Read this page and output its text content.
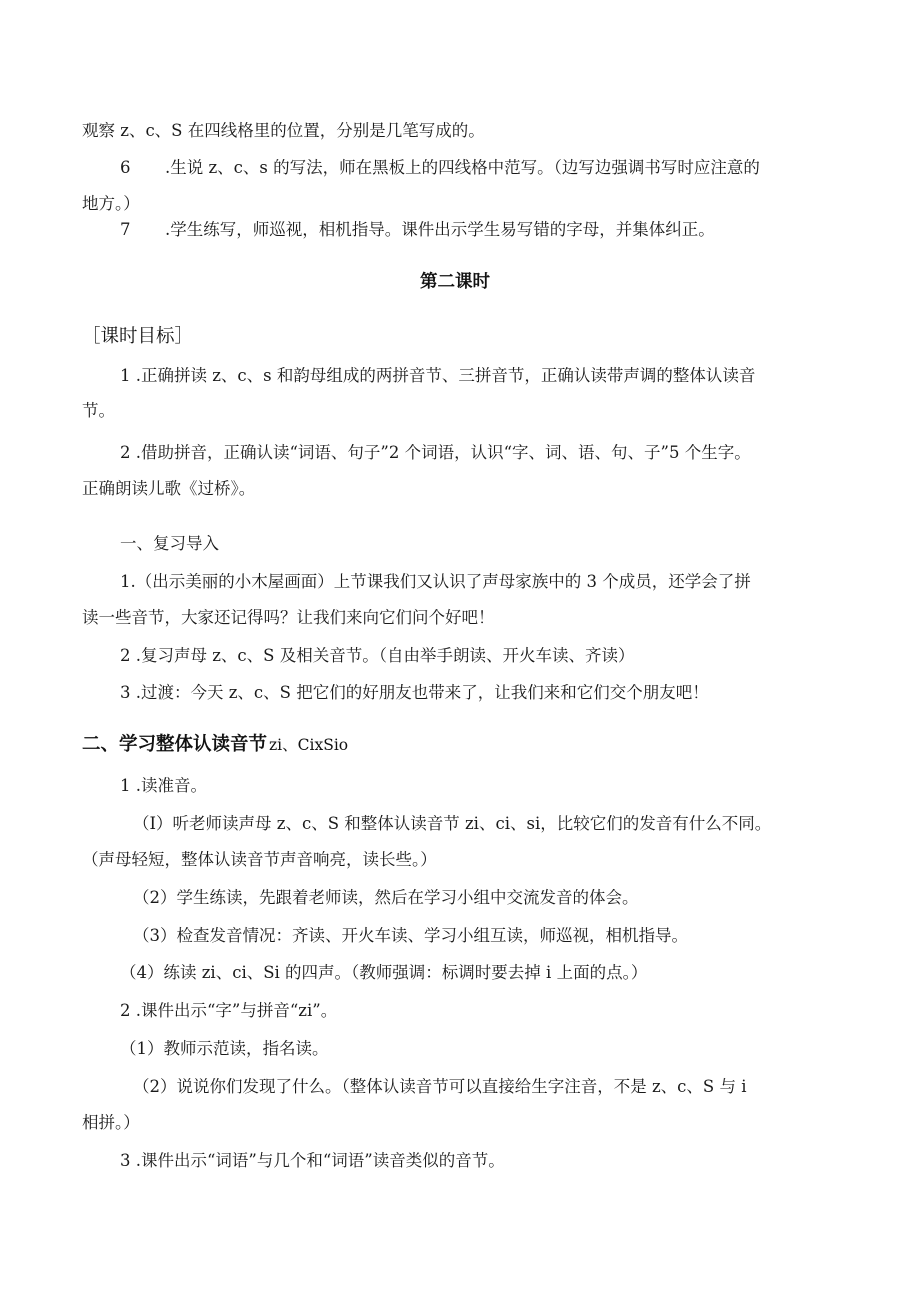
观察 z、c、S 在四线格里的位置，分别是几笔写成的。
6 .生说 z、c、s 的写法，师在黑板上的四线格中范写。（边写边强调书写时应注意的
地方。）
7 .学生练写，师巡视，相机指导。课件出示学生易写错的字母，并集体纠正。
第二课时
［课时目标］
1 .正确拼读 z、c、s 和韵母组成的两拼音节、三拼音节，正确认读带声调的整体认读音
节。
2 .借助拼音，正确认读“词语、句子”2 个词语，认识“字、词、语、句、子”5 个生字。
正确朗读儿歌《过桥》。
一、复习导入
1.（出示美丽的小木屋画面）上节课我们又认识了声母家族中的 3 个成员，还学会了拼
读一些音节，大家还记得吗？让我们来向它们问个好吧！
2 .复习声母 z、c、S 及相关音节。（自由举手朗读、开火车读、齐读）
3 .过渡：今天 z、c、S 把它们的好朋友也带来了，让我们来和它们交个朋友吧！
二、学习整体认读音节 zi、CixSio
1 .读准音。
（I）听老师读声母 z、c、S 和整体认读音节 zi、ci、si，比较它们的发音有什么不同。
（声母轻短，整体认读音节声音响亮，读长些。）
（2）学生练读，先跟着老师读，然后在学习小组中交流发音的体会。
（3）检查发音情况：齐读、开火车读、学习小组互读，师巡视，相机指导。
（4）练读 zi、ci、Si 的四声。（教师强调：标调时要去掉 i 上面的点。）
2 .课件出示“字”与拼音“zi”。
（1）教师示范读，指名读。
（2）说说你们发现了什么。（整体认读音节可以直接给生字注音，不是 z、c、S 与 i
相拼。）
3 .课件出示“词语”与几个和“词语”读音类似的音节。
